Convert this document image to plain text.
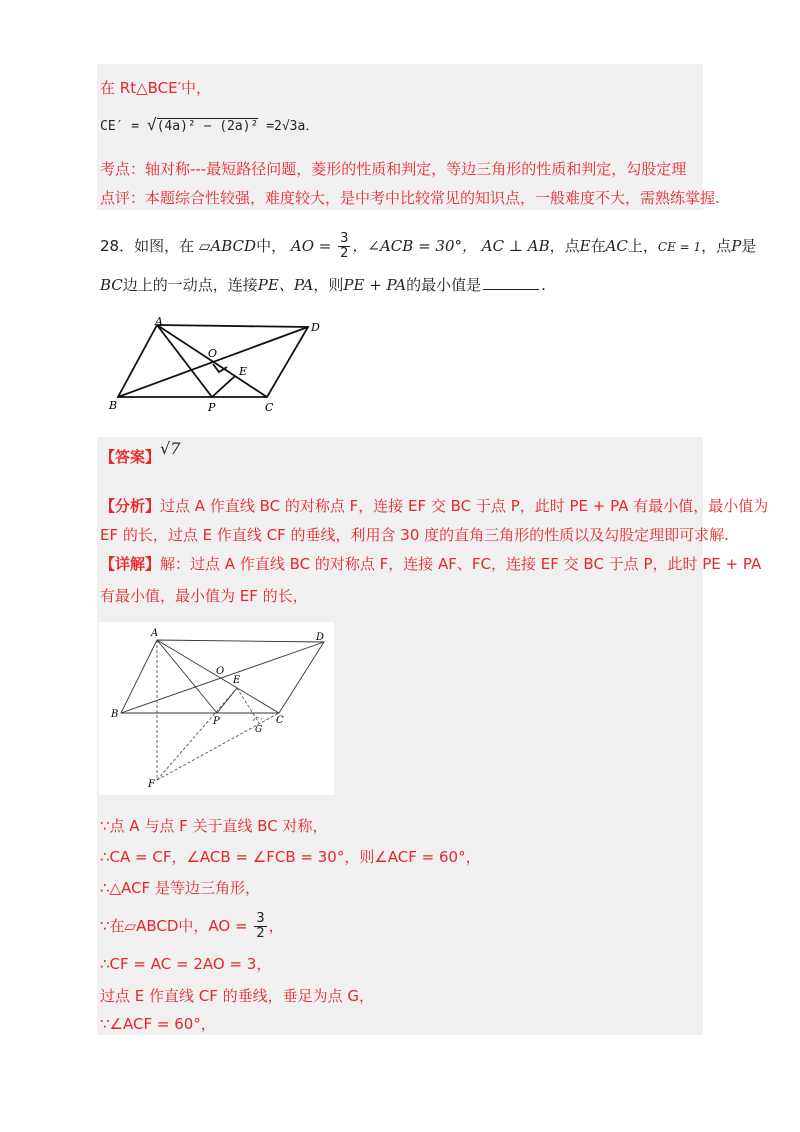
在 Rt△BCE′中，
CE′ = √(4a)² − (2a)² =2√3a．
考点：轴对称---最短路径问题，菱形的性质和判定，等边三角形的性质和判定，勾股定理
点评：本题综合性较强，难度较大，是中考中比较常见的知识点，一般难度不大，需熟练掌握.
28．如图，在 ▱ABCD中， AO = $\frac{3}{2}$ ，∠ACB = 30°， AC ⊥ AB，点E在AC上，CE = 1，点P是
BC边上的一动点，连接PE、PA，则PE + PA的最小值是	.
A	D
O
E
B	P	C
【答案】√7
【分析】过点 A 作直线 BC 的对称点 F，连接 EF 交 BC 于点 P，此时 PE + PA 有最小值，最小值为
EF 的长，过点 E 作直线 CF 的垂线，利用含 30 度的直角三角形的性质以及勾股定理即可求解.
【详解】解：过点 A 作直线 BC 的对称点 F，连接 AF、FC，连接 EF 交 BC 于点 P，此时 PE + PA
有最小值，最小值为 EF 的长，
A	D
O
E
B
P	C
G
F
∵点 A 与点 F 关于直线 BC 对称，
∴CA = CF，∠ACB = ∠FCB = 30°，则∠ACF = 60°，
∴△ACF 是等边三角形，
∵在▱ABCD中，AO = $\frac{3}{2}$ ，
∴CF = AC = 2AO = 3，
过点 E 作直线 CF 的垂线，垂足为点 G，
∵∠ACF = 60°，
